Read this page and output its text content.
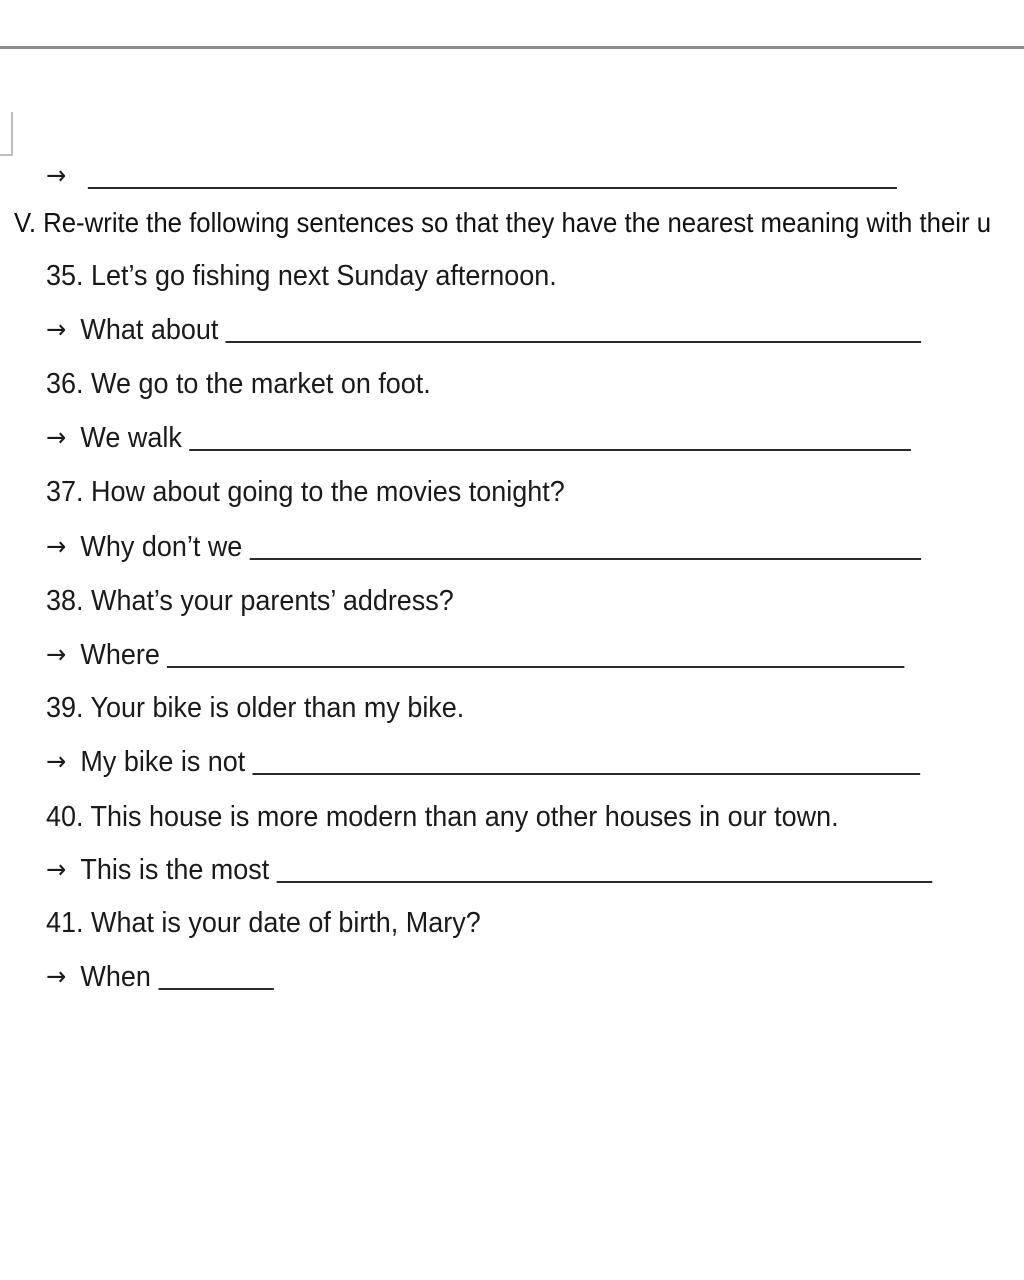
→
V. Re-write the following sentences so that they have the nearest meaning with their u
35. Let’s go fishing next Sunday afternoon.
→ What about
36. We go to the market on foot.
→ We walk
37. How about going to the movies tonight?
→ Why don’t we
38. What’s your parents’ address?
→ Where
39. Your bike is older than my bike.
→ My bike is not
40. This house is more modern than any other houses in our town.
→ This is the most
41. What is your date of birth, Mary?
→ When
